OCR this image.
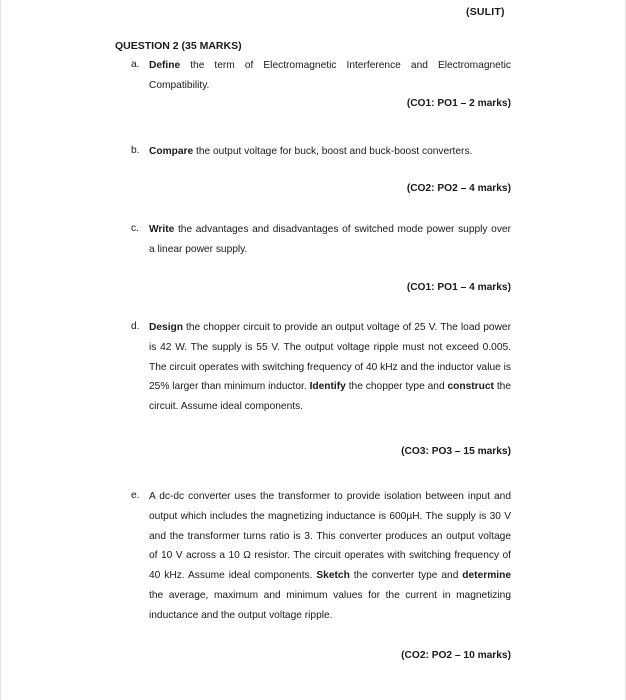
(SULIT)
QUESTION 2 (35 MARKS)
a. Define the term of Electromagnetic Interference and Electromagnetic Compatibility.

(CO1: PO1 – 2 marks)
b. Compare the output voltage for buck, boost and buck-boost converters.

(CO2: PO2 – 4 marks)
c. Write the advantages and disadvantages of switched mode power supply over a linear power supply.

(CO1: PO1 – 4 marks)
d. Design the chopper circuit to provide an output voltage of 25 V. The load power is 42 W. The supply is 55 V. The output voltage ripple must not exceed 0.005. The circuit operates with switching frequency of 40 kHz and the inductor value is 25% larger than minimum inductor. Identify the chopper type and construct the circuit. Assume ideal components.

(CO3: PO3 – 15 marks)
e. A dc-dc converter uses the transformer to provide isolation between input and output which includes the magnetizing inductance is 600µH. The supply is 30 V and the transformer turns ratio is 3. This converter produces an output voltage of 10 V across a 10 Ω resistor. The circuit operates with switching frequency of 40 kHz. Assume ideal components. Sketch the converter type and determine the average, maximum and minimum values for the current in magnetizing inductance and the output voltage ripple.

(CO2: PO2 – 10 marks)
